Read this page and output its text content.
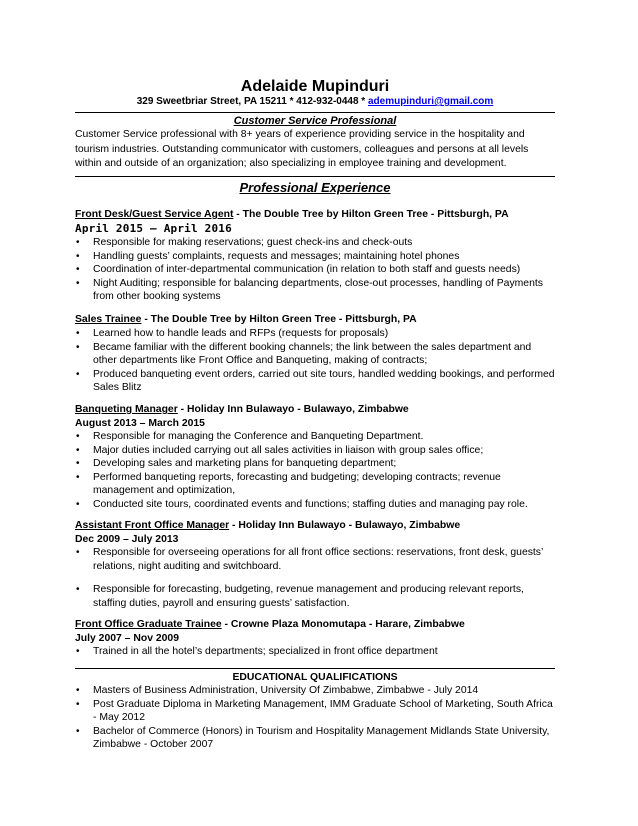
Adelaide Mupinduri
329 Sweetbriar Street, PA 15211 * 412-932-0448 * ademupinduri@gmail.com
Customer Service Professional
Customer Service professional with 8+ years of experience providing service in the hospitality and tourism industries. Outstanding communicator with customers, colleagues and persons at all levels within and outside of an organization; also specializing in employee training and development.
Professional Experience
Front Desk/Guest Service Agent - The Double Tree by Hilton Green Tree - Pittsburgh, PA
April 2015 – April 2016
• Responsible for making reservations; guest check-ins and check-outs
• Handling guests’ complaints, requests and messages; maintaining hotel phones
• Coordination of inter-departmental communication (in relation to both staff and guests needs)
• Night Auditing; responsible for balancing departments, close-out processes, handling of Payments from other booking systems
Sales Trainee - The Double Tree by Hilton Green Tree - Pittsburgh, PA
• Learned how to handle leads and RFPs (requests for proposals)
• Became familiar with the different booking channels; the link between the sales department and other departments like Front Office and Banqueting, making of contracts;
• Produced banqueting event orders, carried out site tours, handled wedding bookings, and performed Sales Blitz
Banqueting Manager - Holiday Inn Bulawayo - Bulawayo, Zimbabwe
August 2013 – March 2015
• Responsible for managing the Conference and Banqueting Department.
• Major duties included carrying out all sales activities in liaison with group sales office;
• Developing sales and marketing plans for banqueting department;
• Performed banqueting reports, forecasting and budgeting; developing contracts; revenue management and optimization,
• Conducted site tours, coordinated events and functions; staffing duties and managing pay role.
Assistant Front Office Manager - Holiday Inn Bulawayo - Bulawayo, Zimbabwe
Dec 2009 – July 2013
• Responsible for overseeing operations for all front office sections: reservations, front desk, guests’ relations, night auditing and switchboard.
• Responsible for forecasting, budgeting, revenue management and producing relevant reports, staffing duties, payroll and ensuring guests’ satisfaction.
Front Office Graduate Trainee - Crowne Plaza Monomutapa - Harare, Zimbabwe
July 2007 – Nov 2009
• Trained in all the hotel’s departments; specialized in front office department
EDUCATIONAL QUALIFICATIONS
• Masters of Business Administration, University Of Zimbabwe, Zimbabwe - July 2014
• Post Graduate Diploma in Marketing Management, IMM Graduate School of Marketing, South Africa - May 2012
• Bachelor of Commerce (Honors) in Tourism and Hospitality Management Midlands State University, Zimbabwe - October 2007
